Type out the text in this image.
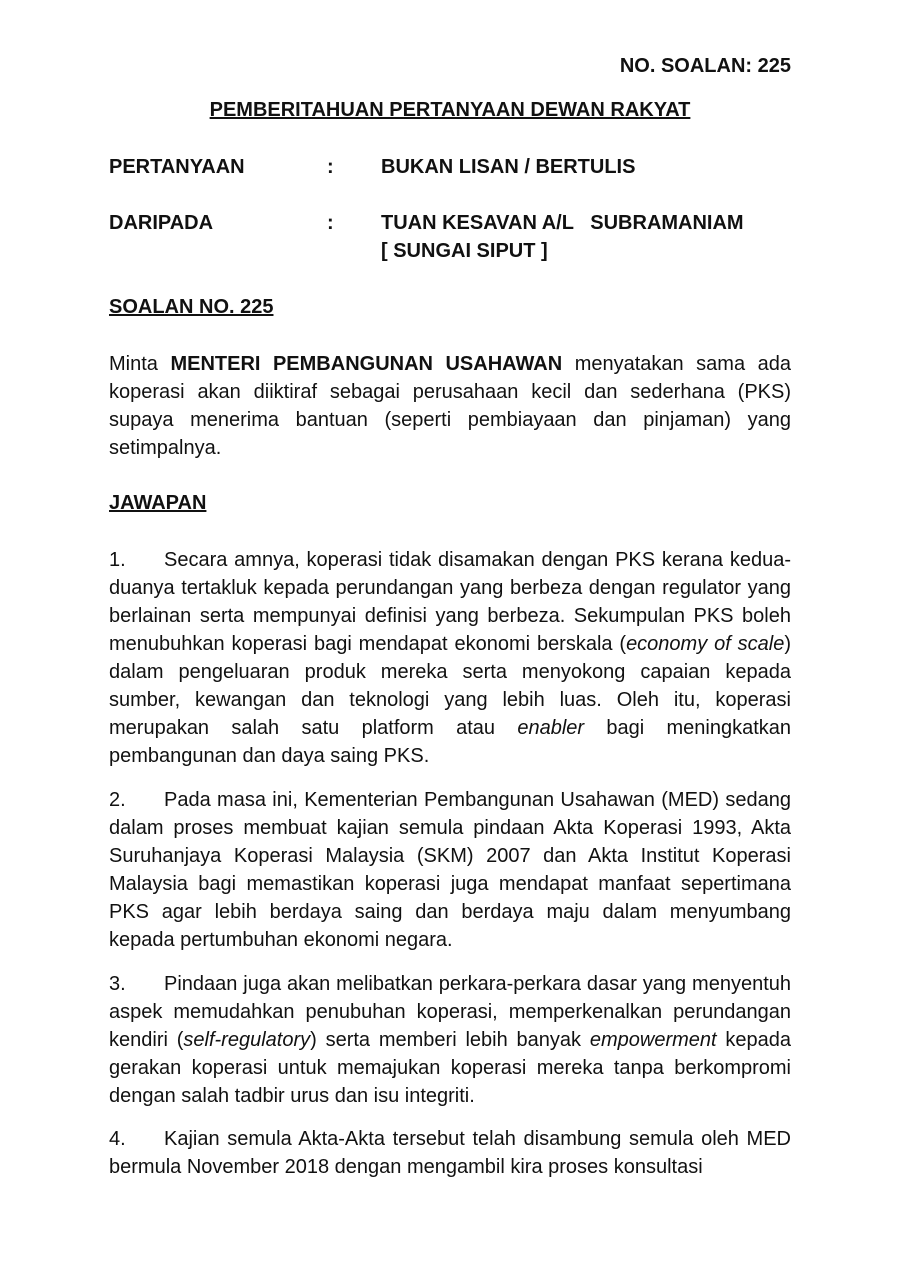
NO. SOALAN: 225

PEMBERITAHUAN PERTANYAAN DEWAN RAKYAT

PERTANYAAN	: BUKAN LISAN / BERTULIS
DARIPADA	: TUAN KESAVAN A/L   SUBRAMANIAM
[ SUNGAI SIPUT ]

SOALAN NO. 225

Minta MENTERI PEMBANGUNAN USAHAWAN menyatakan sama ada koperasi akan diiktiraf sebagai perusahaan kecil dan sederhana (PKS) supaya menerima bantuan (seperti pembiayaan dan pinjaman) yang setimpalnya.

JAWAPAN

1. Secara amnya, koperasi tidak disamakan dengan PKS kerana kedua-duanya tertakluk kepada perundangan yang berbeza dengan regulator yang berlainan serta mempunyai definisi yang berbeza. Sekumpulan PKS boleh menubuhkan koperasi bagi mendapat ekonomi berskala (economy of scale) dalam pengeluaran produk mereka serta menyokong capaian kepada sumber, kewangan dan teknologi yang lebih luas. Oleh itu, koperasi merupakan salah satu platform atau enabler bagi meningkatkan pembangunan dan daya saing PKS.

2. Pada masa ini, Kementerian Pembangunan Usahawan (MED) sedang dalam proses membuat kajian semula pindaan Akta Koperasi 1993, Akta Suruhanjaya Koperasi Malaysia (SKM) 2007 dan Akta Institut Koperasi Malaysia bagi memastikan koperasi juga mendapat manfaat sepertimana PKS agar lebih berdaya saing dan berdaya maju dalam menyumbang kepada pertumbuhan ekonomi negara.

3. Pindaan juga akan melibatkan perkara-perkara dasar yang menyentuh aspek memudahkan penubuhan koperasi, memperkenalkan perundangan kendiri (self-regulatory) serta memberi lebih banyak empowerment kepada gerakan koperasi untuk memajukan koperasi mereka tanpa berkompromi dengan salah tadbir urus dan isu integriti.

4. Kajian semula Akta-Akta tersebut telah disambung semula oleh MED bermula November 2018 dengan mengambil kira proses konsultasi
